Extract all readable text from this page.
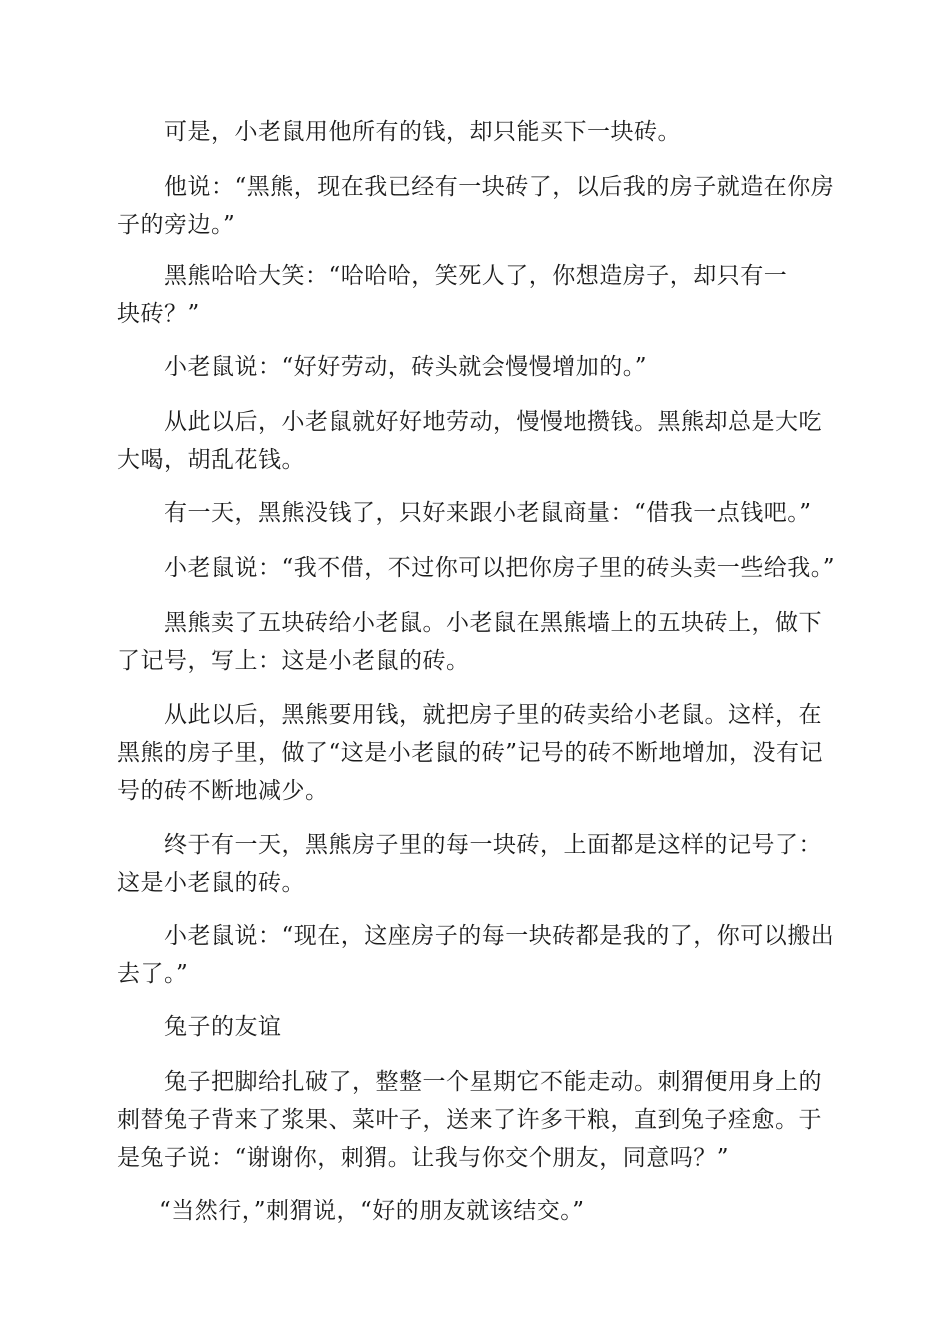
可是，小老鼠用他所有的钱，却只能买下一块砖。

他说：“黑熊，现在我已经有一块砖了，以后我的房子就造在你房子的旁边。”

黑熊哈哈大笑：“哈哈哈，笑死人了，你想造房子，却只有一块砖？”

小老鼠说：“好好劳动，砖头就会慢慢增加的。”

从此以后，小老鼠就好好地劳动，慢慢地攒钱。黑熊却总是大吃大喝，胡乱花钱。

有一天，黑熊没钱了，只好来跟小老鼠商量：“借我一点钱吧。”

小老鼠说：“我不借，不过你可以把你房子里的砖头卖一些给我。”

黑熊卖了五块砖给小老鼠。小老鼠在黑熊墙上的五块砖上，做下了记号，写上：这是小老鼠的砖。

从此以后，黑熊要用钱，就把房子里的砖卖给小老鼠。这样，在黑熊的房子里，做了“这是小老鼠的砖”记号的砖不断地增加，没有记号的砖不断地减少。

终于有一天，黑熊房子里的每一块砖，上面都是这样的记号了：这是小老鼠的砖。

小老鼠说：“现在，这座房子的每一块砖都是我的了，你可以搬出去了。”

兔子的友谊

兔子把脚给扎破了，整整一个星期它不能走动。刺猬便用身上的刺替兔子背来了浆果、菜叶子，送来了许多干粮，直到兔子痊愈。于是兔子说：“谢谢你，刺猬。让我与你交个朋友，同意吗？”

“当然行，”刺猬说，“好的朋友就该结交。”
